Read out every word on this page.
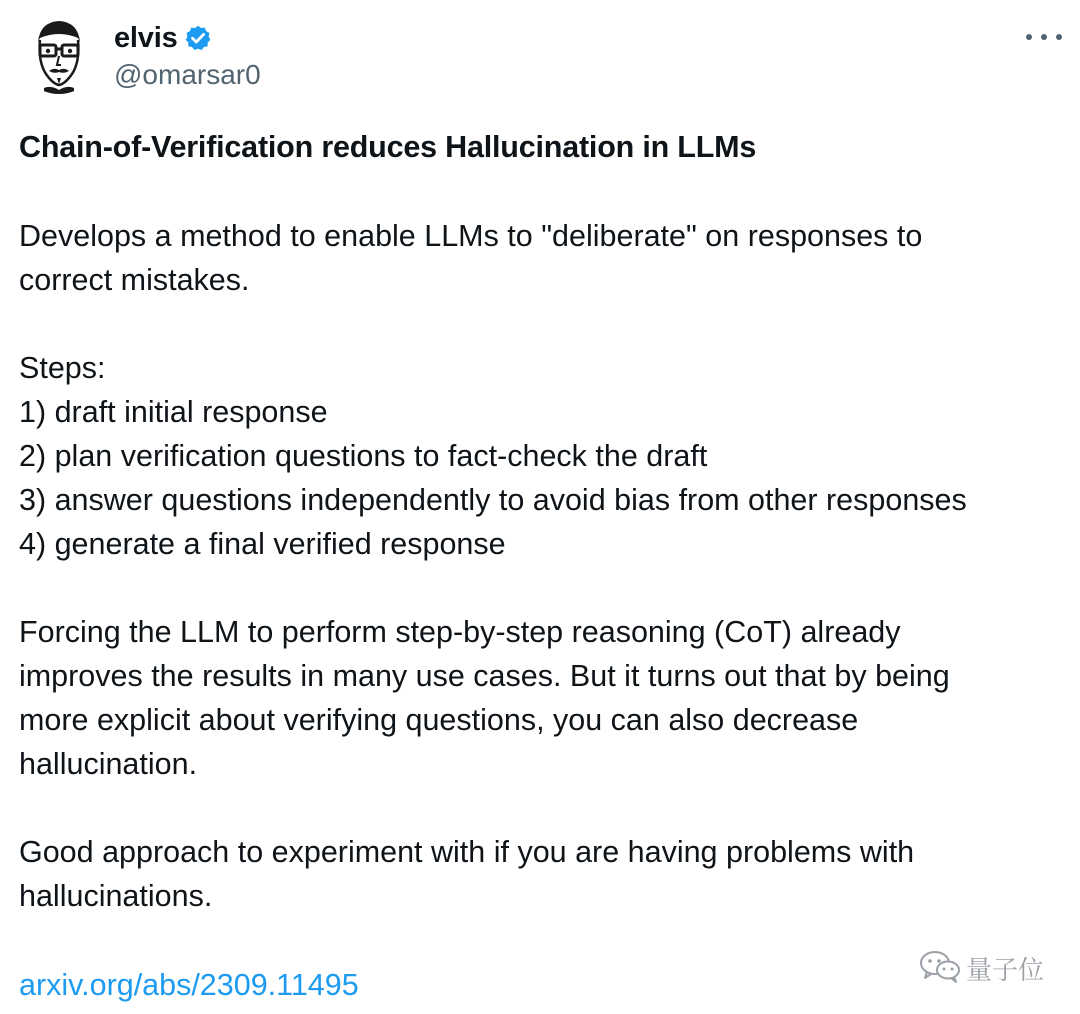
elvis
@omarsar0
Chain-of-Verification reduces Hallucination in LLMs
Develops a method to enable LLMs to "deliberate" on responses to
correct mistakes.
Steps:
1) draft initial response
2) plan verification questions to fact-check the draft
3) answer questions independently to avoid bias from other responses
4) generate a final verified response
Forcing the LLM to perform step-by-step reasoning (CoT) already
improves the results in many use cases. But it turns out that by being
more explicit about verifying questions, you can also decrease
hallucination.
Good approach to experiment with if you are having problems with
hallucinations.
arxiv.org/abs/2309.11495	量子位
